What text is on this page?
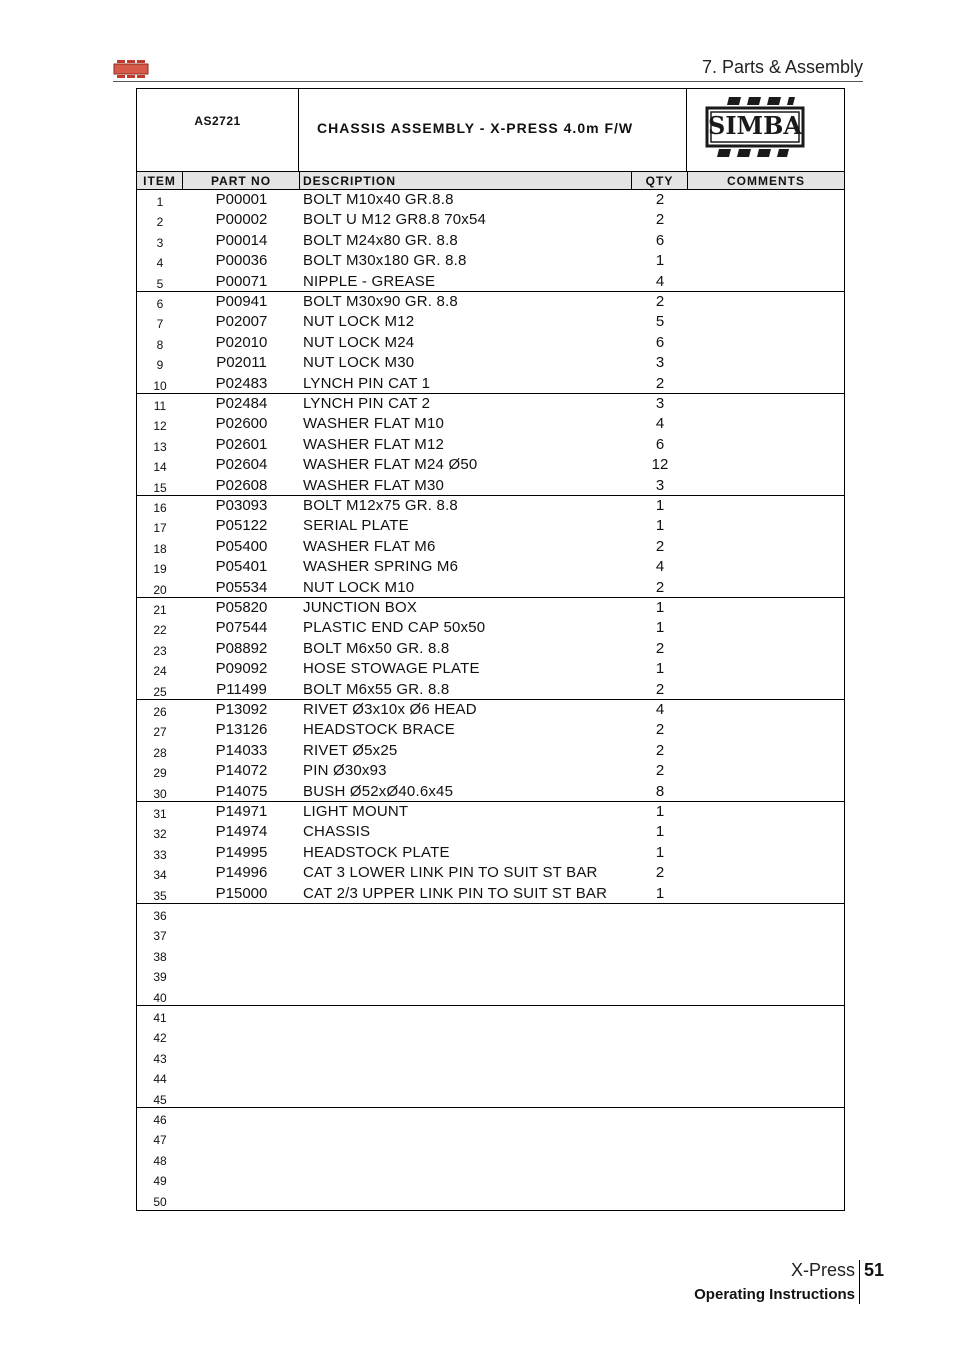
7. Parts & Assembly
AS2721	CHASSIS ASSEMBLY - X-PRESS 4.0m F/W	SIMBA
ITEM	PART NO	DESCRIPTION	QTY	COMMENTS
1	P00001	BOLT M10x40 GR.8.8	2
2	P00002	BOLT U M12 GR8.8 70x54	2
3	P00014	BOLT M24x80 GR. 8.8	6
4	P00036	BOLT M30x180 GR. 8.8	1
5	P00071	NIPPLE - GREASE	4
6	P00941	BOLT M30x90 GR. 8.8	2
7	P02007	NUT LOCK M12	5
8	P02010	NUT LOCK M24	6
9	P02011	NUT LOCK M30	3
10	P02483	LYNCH PIN CAT 1	2
11	P02484	LYNCH PIN CAT 2	3
12	P02600	WASHER FLAT M10	4
13	P02601	WASHER FLAT M12	6
14	P02604	WASHER FLAT M24 Ø50	12
15	P02608	WASHER FLAT M30	3
16	P03093	BOLT M12x75 GR. 8.8	1
17	P05122	SERIAL PLATE	1
18	P05400	WASHER FLAT M6	2
19	P05401	WASHER SPRING M6	4
20	P05534	NUT LOCK M10	2
21	P05820	JUNCTION BOX	1
22	P07544	PLASTIC END CAP 50x50	1
23	P08892	BOLT M6x50 GR. 8.8	2
24	P09092	HOSE STOWAGE PLATE	1
25	P11499	BOLT M6x55 GR. 8.8	2
26	P13092	RIVET Ø3x10x Ø6 HEAD	4
27	P13126	HEADSTOCK BRACE	2
28	P14033	RIVET Ø5x25	2
29	P14072	PIN Ø30x93	2
30	P14075	BUSH Ø52xØ40.6x45	8
31	P14971	LIGHT MOUNT	1
32	P14974	CHASSIS	1
33	P14995	HEADSTOCK PLATE	1
34	P14996	CAT 3 LOWER LINK PIN TO SUIT ST BAR	2
35	P15000	CAT 2/3 UPPER LINK PIN TO SUIT ST BAR	1
36
37
38
39
40
41
42
43
44
45
46
47
48
49
50
X-Press 51
Operating Instructions
